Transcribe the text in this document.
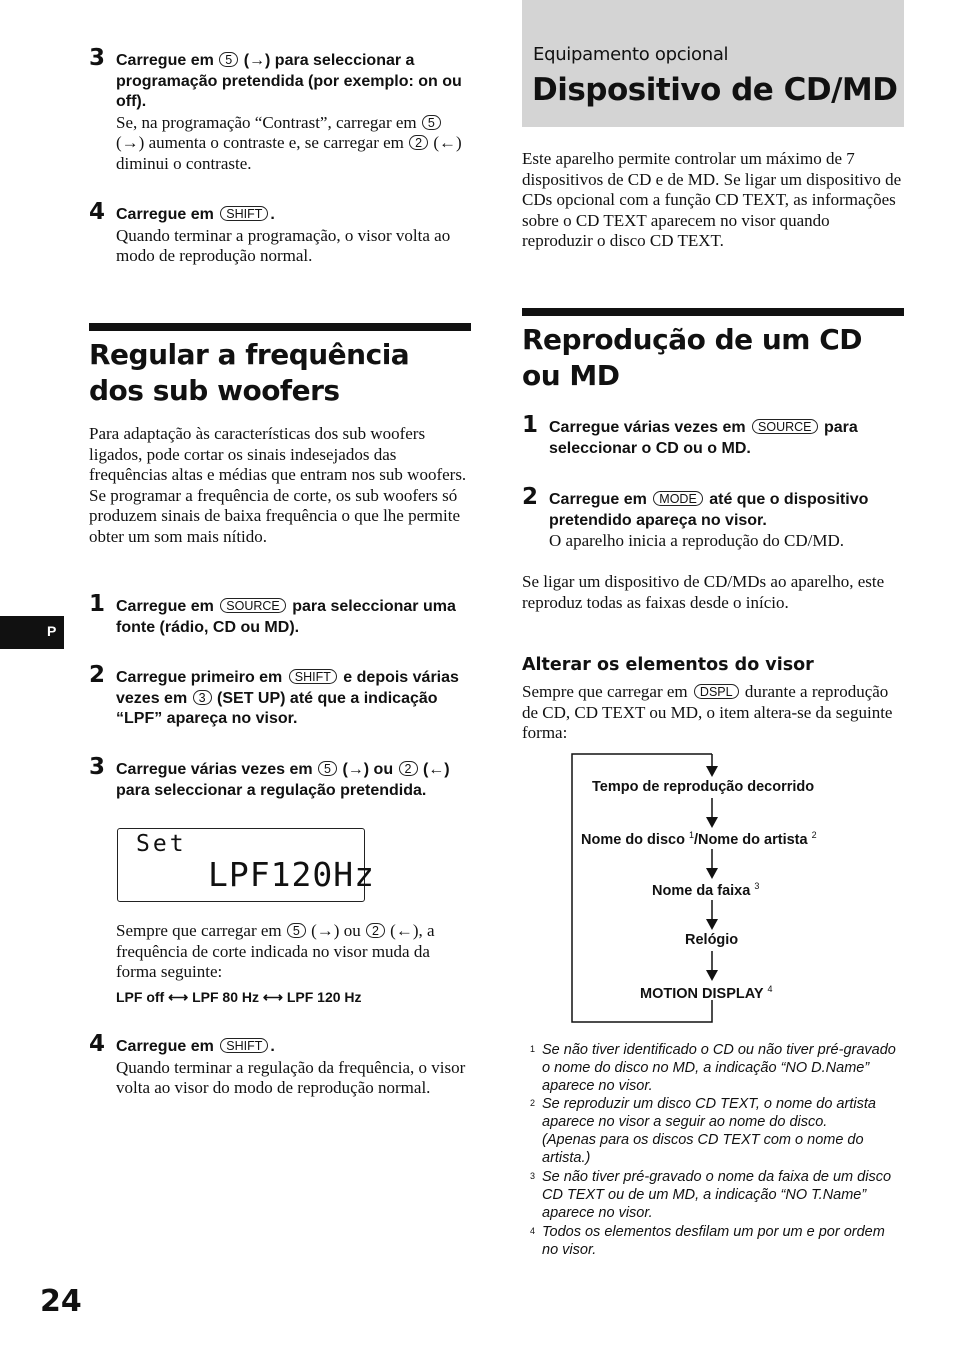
3 Carregue em 5 (→) para seleccionar a programação pretendida (por exemplo: on ou off).
Se, na programação “Contrast”, carregar em 5 (→) aumenta o contraste e, se carregar em 2 (←) diminui o contraste.
4 Carregue em SHIFT .
Quando terminar a programação, o visor volta ao modo de reprodução normal.
Regular a frequência dos sub woofers
Para adaptação às características dos sub woofers ligados, pode cortar os sinais indesejados das frequências altas e médias que entram nos sub woofers. Se programar a frequência de corte, os sub woofers só produzem sinais de baixa frequência o que lhe permite obter um som mais nítido.
1 Carregue em SOURCE para seleccionar uma fonte (rádio, CD ou MD).
2 Carregue primeiro em SHIFT e depois várias vezes em 3 (SET UP) até que a indicação “LPF” apareça no visor.
3 Carregue várias vezes em 5 (→) ou 2 (←) para seleccionar a regulação pretendida.
Set
LPF120Hz
Sempre que carregar em 5 (→) ou 2 (←), a frequência de corte indicada no visor muda da forma seguinte:
LPF off ⟷ LPF 80 Hz ⟷ LPF 120 Hz
4 Carregue em SHIFT .
Quando terminar a regulação da frequência, o visor volta ao visor do modo de reprodução normal.
P
24
Equipamento opcional
Dispositivo de CD/MD
Este aparelho permite controlar um máximo de 7 dispositivos de CD e de MD. Se ligar um dispositivo de CDs opcional com a função CD TEXT, as informações sobre o CD TEXT aparecem no visor quando reproduzir o disco CD TEXT.
Reprodução de um CD ou MD
1 Carregue várias vezes em SOURCE para seleccionar o CD ou o MD.
2 Carregue em MODE até que o dispositivo pretendido apareça no visor.
O aparelho inicia a reprodução do CD/MD.
Se ligar um dispositivo de CD/MDs ao aparelho, este reproduz todas as faixas desde o início.
Alterar os elementos do visor
Sempre que carregar em DSPL durante a reprodução de CD, CD TEXT ou MD, o item altera-se da seguinte forma:
Tempo de reprodução decorrido
Nome do disco $^1$/Nome do artista $^2$
Nome da faixa $^3$
Relógio
MOTION DISPLAY $^4$
1 Se não tiver identificado o CD ou não tiver pré-gravado o nome do disco no MD, a indicação “NO D.Name” aparece no visor.
2 Se reproduzir um disco CD TEXT, o nome do artista aparece no visor a seguir ao nome do disco. (Apenas para os discos CD TEXT com o nome do artista.)
3 Se não tiver pré-gravado o nome da faixa de um disco CD TEXT ou de um MD, a indicação “NO T.Name” aparece no visor.
4 Todos os elementos desfilam um por um e por ordem no visor.
